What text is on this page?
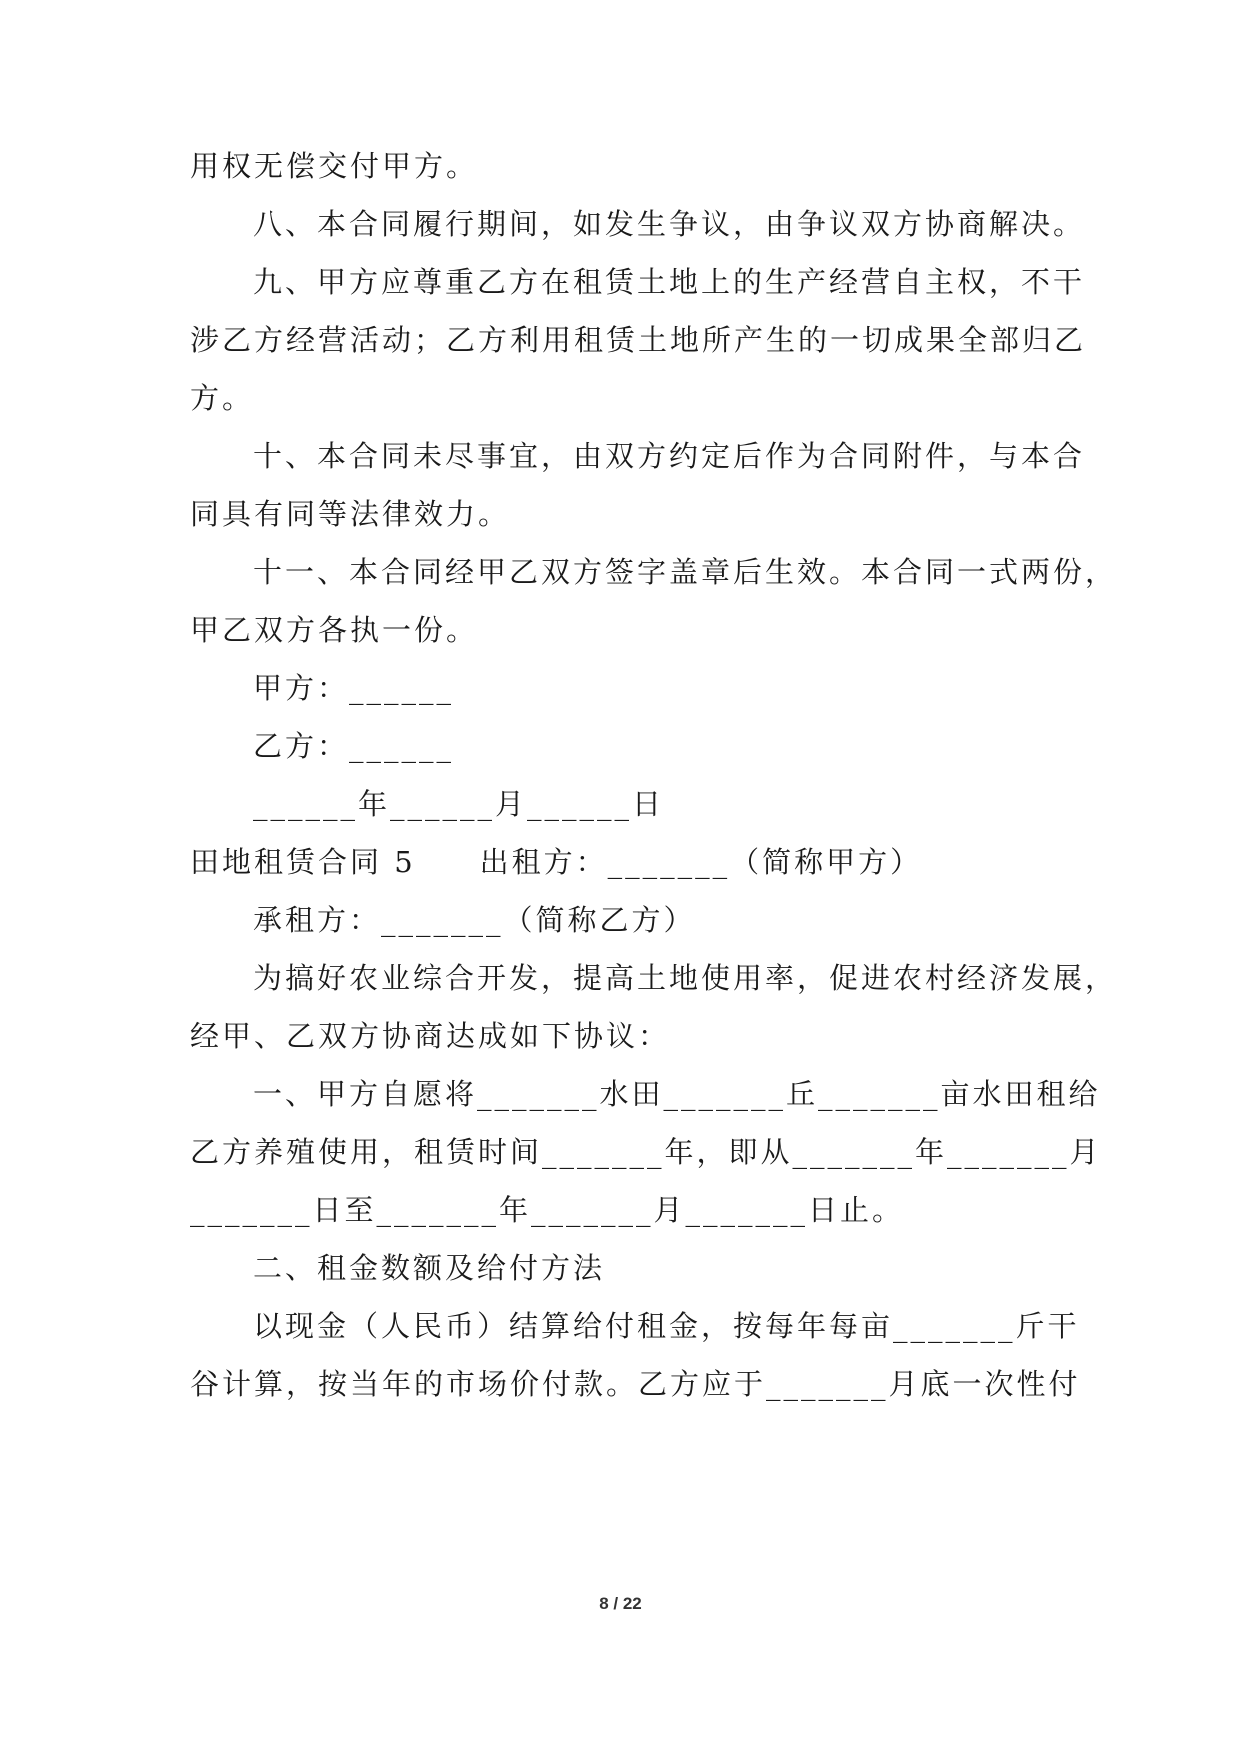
用权无偿交付甲方。
八、本合同履行期间，如发生争议，由争议双方协商解决。
九、甲方应尊重乙方在租赁土地上的生产经营自主权，不干
涉乙方经营活动；乙方利用租赁土地所产生的一切成果全部归乙
方。
十、本合同未尽事宜，由双方约定后作为合同附件，与本合
同具有同等法律效力。
十一、本合同经甲乙双方签字盖章后生效。本合同一式两份，
甲乙双方各执一份。
甲方：______
乙方：______
______年______月______日
田地租赁合同 5　　出租方：_______（简称甲方）
承租方：_______（简称乙方）
为搞好农业综合开发，提高土地使用率，促进农村经济发展，
经甲、乙双方协商达成如下协议：
一、甲方自愿将_______水田_______丘_______亩水田租给
乙方养殖使用，租赁时间_______年，即从_______年_______月
_______日至_______年_______月_______日止。
二、租金数额及给付方法
以现金（人民币）结算给付租金，按每年每亩_______斤干
谷计算，按当年的市场价付款。乙方应于_______月底一次性付
8 / 22
